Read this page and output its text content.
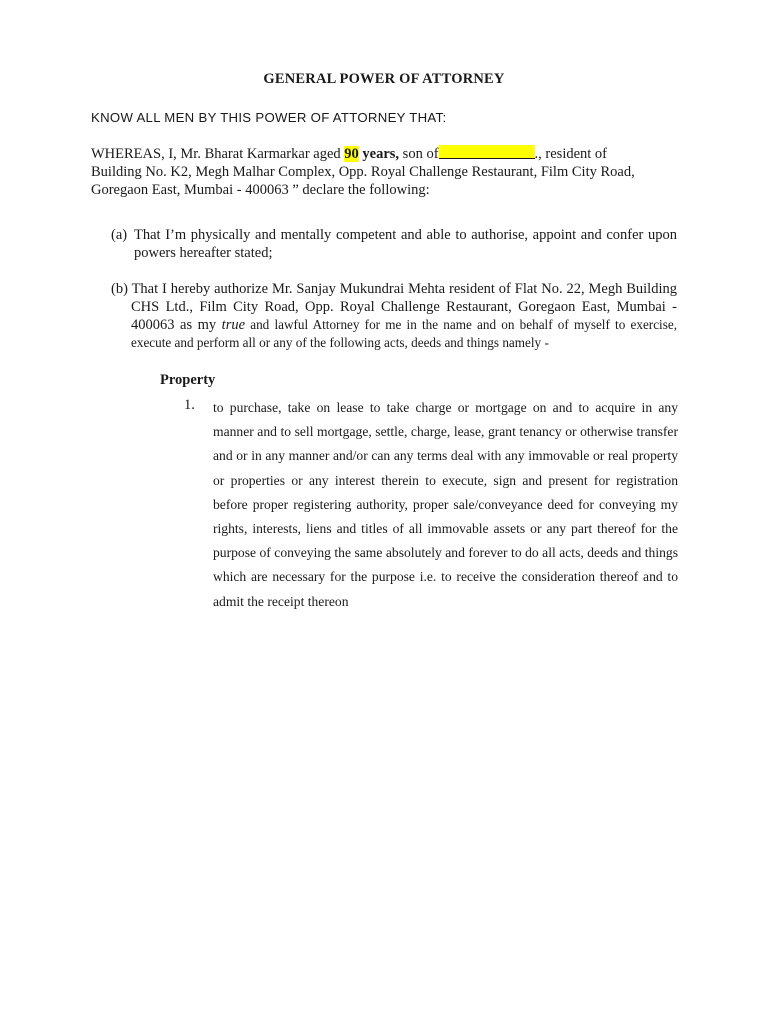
GENERAL POWER OF ATTORNEY
KNOW ALL MEN BY THIS POWER OF ATTORNEY THAT:
WHEREAS, I, Mr. Bharat Karmarkar aged 90 years, son of	., resident of Building No. K2, Megh Malhar Complex, Opp. Royal Challenge Restaurant, Film City Road, Goregaon East, Mumbai - 400063 ” declare the following:
(a) That I’m physically and mentally competent and able to authorise, appoint and confer upon powers hereafter stated;
(b) That I hereby authorize Mr. Sanjay Mukundrai Mehta resident of Flat No. 22, Megh Building CHS Ltd., Film City Road, Opp. Royal Challenge Restaurant, Goregaon East, Mumbai - 400063 as my true and lawful Attorney for me in the name and on behalf of myself to exercise, execute and perform all or any of the following acts, deeds and things namely -
Property
1. to purchase, take on lease to take charge or mortgage on and to acquire in any manner and to sell mortgage, settle, charge, lease, grant tenancy or otherwise transfer and or in any manner and/or can any terms deal with any immovable or real property or properties or any interest therein to execute, sign and present for registration before proper registering authority, proper sale/conveyance deed for conveying my rights, interests, liens and titles of all immovable assets or any part thereof for the purpose of conveying the same absolutely and forever to do all acts, deeds and things which are necessary for the purpose i.e. to receive the consideration thereof and to admit the receipt thereon
